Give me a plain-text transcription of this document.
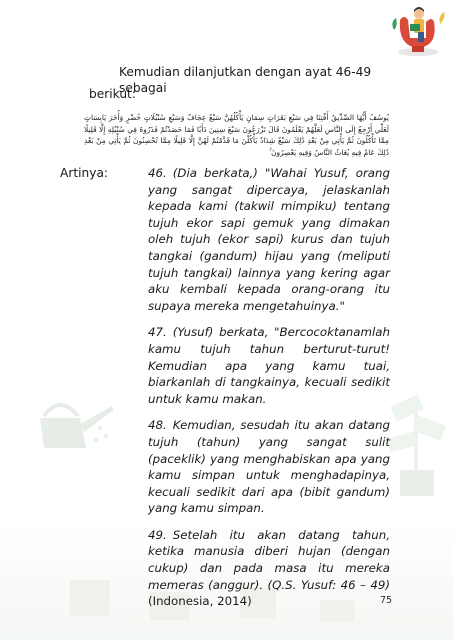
Kemudian dilanjutkan dengan ayat 46-49 sebagai
berikut:
يُوسُفُ أَيُّهَا الصِّدِّيقُ أَفْتِنَا فِي سَبْعِ بَقَرَاتٍ سِمَانٍ يَأْكُلُهُنَّ سَبْعٌ عِجَافٌ وَسَبْعِ سُنْبُلَاتٍ خُضْرٍ وَأُخَرَ يَابِسَاتٍ لَعَلِّي أَرْجِعُ إِلَى النَّاسِ لَعَلَّهُمْ يَعْلَمُونَ قَالَ تَزْرَعُونَ سَبْعَ سِنِينَ دَأَبًا فَمَا حَصَدْتُمْ فَذَرُوهُ فِي سُنْبُلِهِ إِلَّا قَلِيلًا مِمَّا تَأْكُلُونَ ثُمَّ يَأْتِي مِنْ بَعْدِ ذَٰلِكَ سَبْعٌ شِدَادٌ يَأْكُلْنَ مَا قَدَّمْتُمْ لَهُنَّ إِلَّا قَلِيلًا مِمَّا تُحْصِنُونَ ثُمَّ يَأْتِي مِنْ بَعْدِ ذَٰلِكَ عَامٌ فِيهِ يُغَاثُ النَّاسُ وَفِيهِ يَعْصِرُونَ ۚ
Artinya:	46. (Dia berkata,) "Wahai Yusuf, orang yang sangat dipercaya, jelaskanlah kepada kami (takwil mimpiku) tentang tujuh ekor sapi gemuk yang dimakan oleh tujuh (ekor sapi) kurus dan tujuh tangkai (gandum) hijau yang (meliputi tujuh tangkai) lainnya yang kering agar aku kembali kepada orang-orang itu supaya mereka mengetahuinya."

47. (Yusuf) berkata, "Bercocoktanamlah kamu tujuh tahun berturut-turut! Kemudian apa yang kamu tuai, biarkanlah di tangkainya, kecuali sedikit untuk kamu makan.

48. Kemudian, sesudah itu akan datang tujuh (tahun) yang sangat sulit (paceklik) yang menghabiskan apa yang kamu simpan untuk menghadapinya, kecuali sedikit dari apa (bibit gandum) yang kamu simpan.

49. Setelah itu akan datang tahun, ketika manusia diberi hujan (dengan cukup) dan pada masa itu mereka memeras (anggur). (Q.S. Yusuf: 46 – 49) (Indonesia, 2014)	75
